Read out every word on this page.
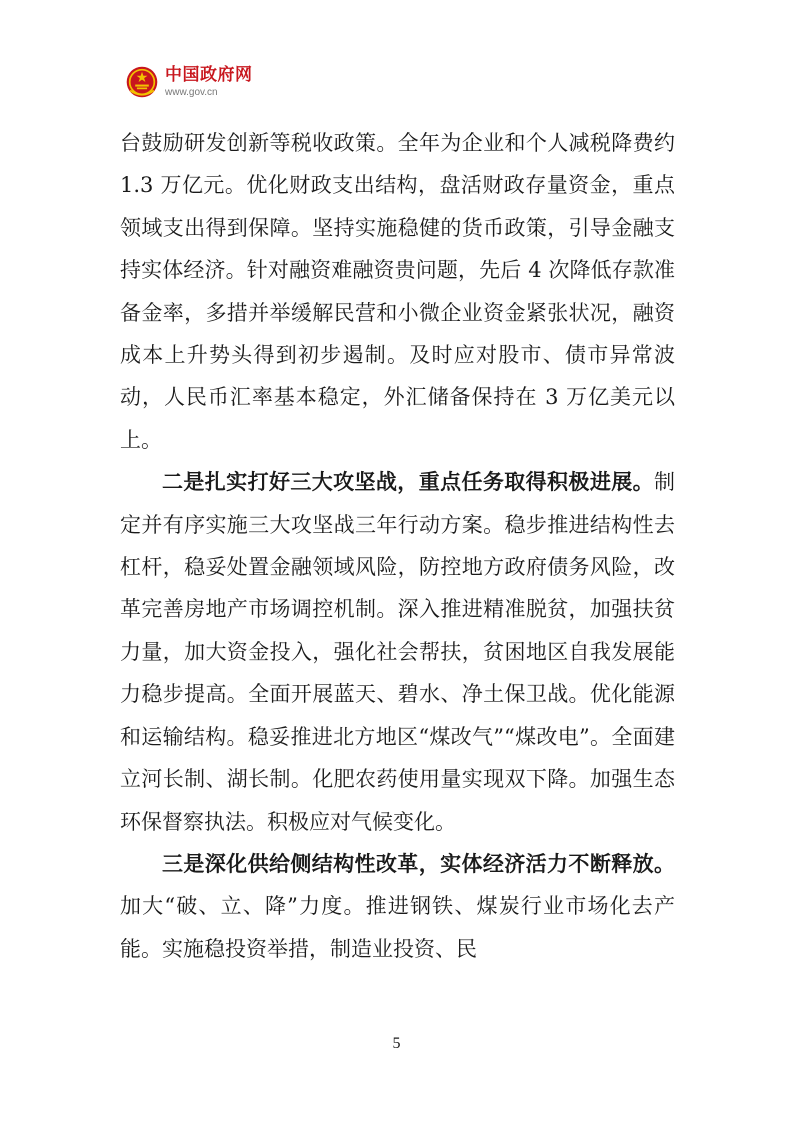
中国政府网
www.gov.cn

台鼓励研发创新等税收政策。全年为企业和个人减税降费约 1.3 万亿元。优化财政支出结构，盘活财政存量资金，重点领域支出得到保障。坚持实施稳健的货币政策，引导金融支持实体经济。针对融资难融资贵问题，先后 4 次降低存款准备金率，多措并举缓解民营和小微企业资金紧张状况，融资成本上升势头得到初步遏制。及时应对股市、债市异常波动，人民币汇率基本稳定，外汇储备保持在 3 万亿美元以上。

二是扎实打好三大攻坚战，重点任务取得积极进展。制定并有序实施三大攻坚战三年行动方案。稳步推进结构性去杠杆，稳妥处置金融领域风险，防控地方政府债务风险，改革完善房地产市场调控机制。深入推进精准脱贫，加强扶贫力量，加大资金投入，强化社会帮扶，贫困地区自我发展能力稳步提高。全面开展蓝天、碧水、净土保卫战。优化能源和运输结构。稳妥推进北方地区“煤改气”“煤改电”。全面建立河长制、湖长制。化肥农药使用量实现双下降。加强生态环保督察执法。积极应对气候变化。

三是深化供给侧结构性改革，实体经济活力不断释放。加大“破、立、降”力度。推进钢铁、煤炭行业市场化去产能。实施稳投资举措，制造业投资、民

5
